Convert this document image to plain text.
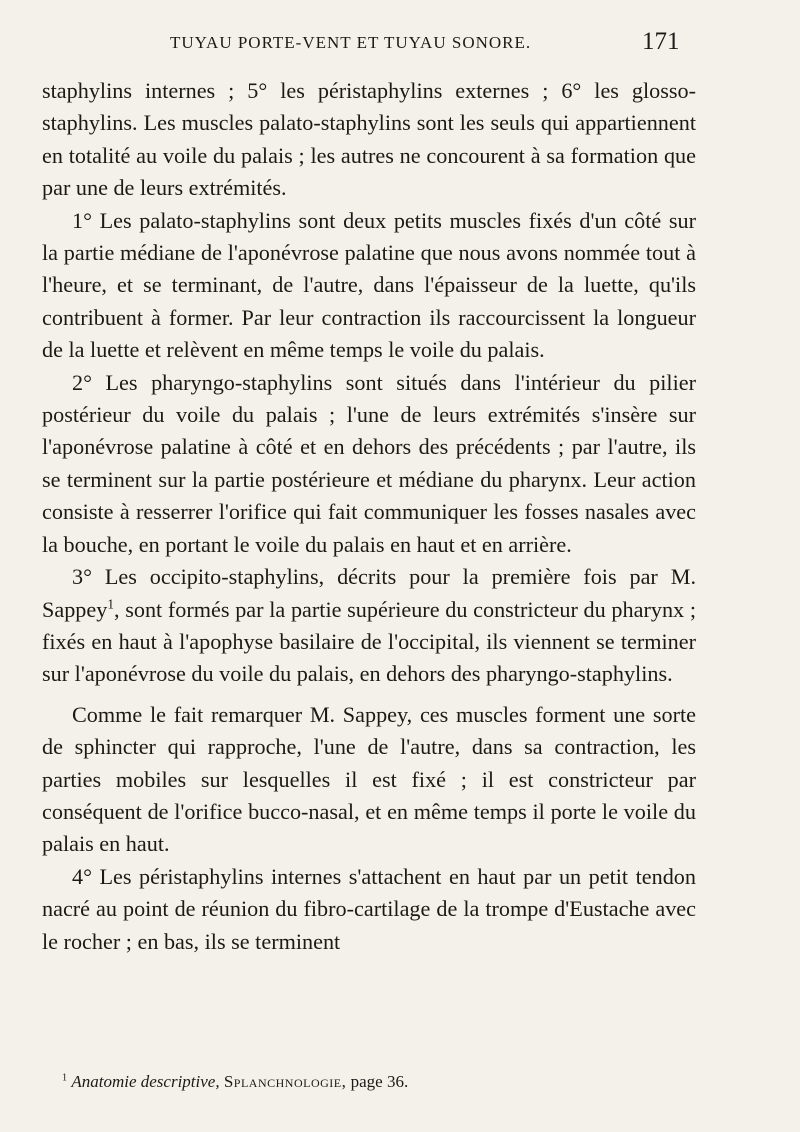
TUYAU PORTE-VENT ET TUYAU SONORE.	171

staphylins internes ; 5° les péristaphylins externes ; 6° les glosso-staphylins. Les muscles palato-staphylins sont les seuls qui appartiennent en totalité au voile du palais ; les autres ne concourent à sa formation que par une de leurs extrémités.

1° Les palato-staphylins sont deux petits muscles fixés d'un côté sur la partie médiane de l'aponévrose palatine que nous avons nommée tout à l'heure, et se terminant, de l'autre, dans l'épaisseur de la luette, qu'ils contribuent à former. Par leur contraction ils raccourcissent la longueur de la luette et relèvent en même temps le voile du palais.

2° Les pharyngo-staphylins sont situés dans l'intérieur du pilier postérieur du voile du palais ; l'une de leurs extrémités s'insère sur l'aponévrose palatine à côté et en dehors des précédents ; par l'autre, ils se terminent sur la partie postérieure et médiane du pharynx. Leur action consiste à resserrer l'orifice qui fait communiquer les fosses nasales avec la bouche, en portant le voile du palais en haut et en arrière.

3° Les occipito-staphylins, décrits pour la première fois par M. Sappey$^1$, sont formés par la partie supérieure du constricteur du pharynx ; fixés en haut à l'apophyse basilaire de l'occipital, ils viennent se terminer sur l'aponévrose du voile du palais, en dehors des pharyngo-staphylins.

Comme le fait remarquer M. Sappey, ces muscles forment une sorte de sphincter qui rapproche, l'une de l'autre, dans sa contraction, les parties mobiles sur lesquelles il est fixé ; il est constricteur par conséquent de l'orifice bucco-nasal, et en même temps il porte le voile du palais en haut.

4° Les péristaphylins internes s'attachent en haut par un petit tendon nacré au point de réunion du fibro-cartilage de la trompe d'Eustache avec le rocher ; en bas, ils se terminent

$^1$ Anatomie descriptive, Splanchnologie, page 36.
